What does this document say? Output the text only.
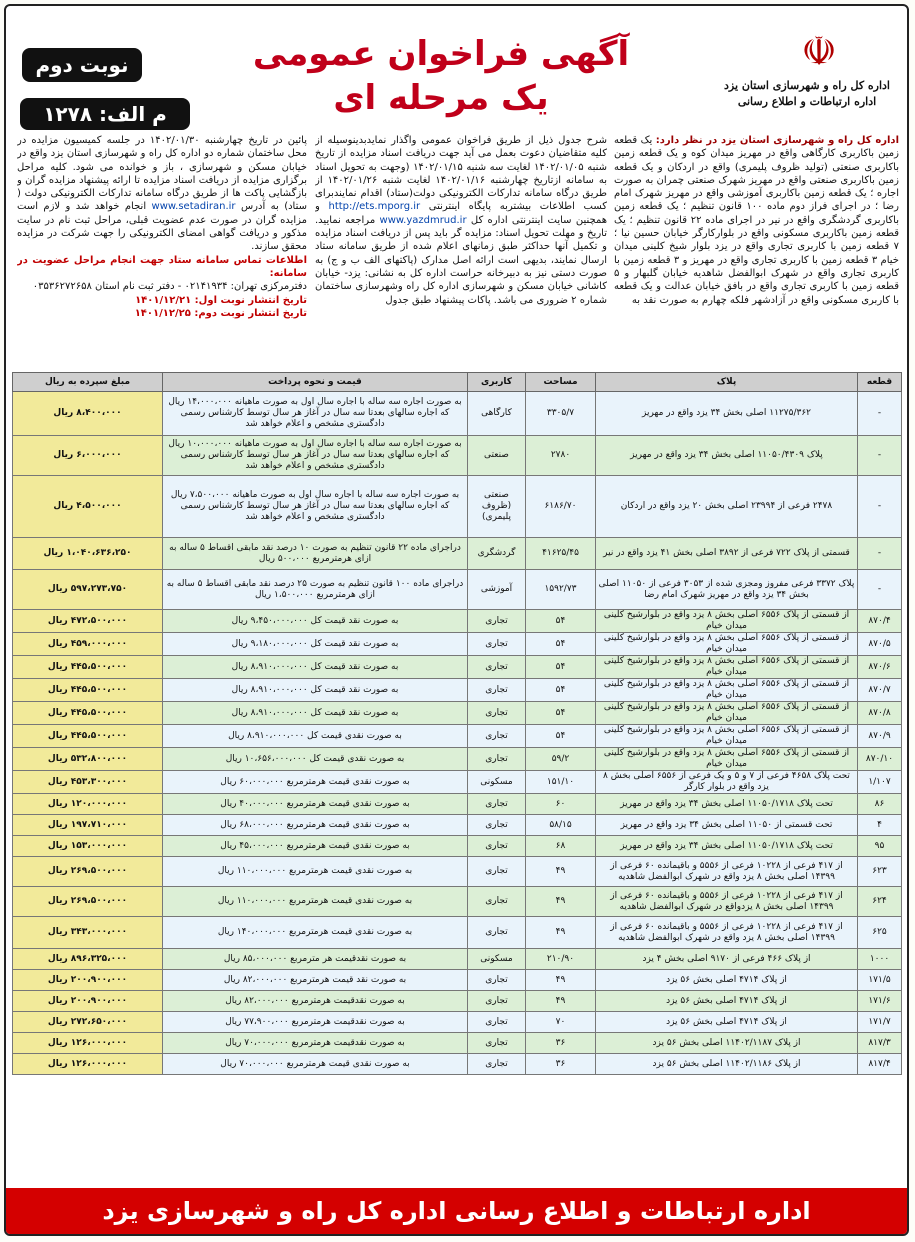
☫
اداره کل راه و شهرسازی استان یزد
اداره ارتباطات و اطلاع رسانی
آگهی فراخوان عمومی
یک مرحله ای
نوبت دوم
م الف: ۱۲۷۸
اداره کل راه و شهرسازی استان یزد در نظر دارد: یک قطعه زمین باکاربری کارگاهی واقع در مهریز میدان کوه و یک قطعه زمین باکاربری صنعتی (تولید ظروف پلیمری) واقع در اردکان و یک قطعه زمین باکاربری صنعتی واقع در مهریز شهرک صنعتی چمران به صورت اجاره ؛ یک قطعه زمین باکاربری آموزشی واقع در مهریز شهرک امام رضا ؛ در اجرای فراز دوم ماده ۱۰۰ قانون تنظیم ؛ یک قطعه زمین باکاربری گردشگری واقع در نیر در اجرای ماده ۲۲ قانون تنظیم ؛ یک قطعه زمین باکاربری مسکونی واقع در بلوارکارگر خیابان حسین نیا ؛ ۷ قطعه زمین با کاربری تجاری واقع در یزد بلوار شیخ کلینی میدان خیام ۳ قطعه زمین با کاربری تجاری واقع در مهریز و ۳ قطعه زمین با کاربری تجاری واقع در شهرک ابوالفضل شاهدیه خیابان گلبهار و ۵ قطعه زمین با کاربری تجاری واقع در بافق خیابان عدالت و یک قطعه با کاربری مسکونی واقع در آزادشهر فلکه چهارم به صورت نقد به
شرح جدول ذیل از طریق فراخوان عمومی واگذار نمایدبدینوسیله از کلیه متقاضیان دعوت بعمل می آید جهت دریافت اسناد مزایده از تاریخ شنبه ۱۴۰۲/۰۱/۰۵ لغایت سه شنبه ۱۴۰۲/۰۱/۱۵ (وجهت به تحویل اسناد به سامانه ازتاریخ چهارشنبه ۱۴۰۲/۰۱/۱۶ لغایت شنبه ۱۴۰۲/۰۱/۲۶ از طریق درگاه سامانه تدارکات الکترونیکی دولت(ستاد) اقدام نمایندبرای کسب اطلاعات بیشتربه پایگاه اینترنتی http://ets.mporg.ir و همچنین سایت اینترنتی اداره کل www.yazdmrud.ir مراجعه نمایید. تاریخ و مهلت تحویل اسناد: مزایده گر باید پس از دریافت اسناد مزایده و تکمیل آنها حداکثر طبق زمانهای اعلام شده از طریق سامانه ستاد ارسال نمایند، بدیهی است ارائه اصل مدارک (پاکتهای الف ب و ج) به صورت دستی نیز به دبیرخانه حراست اداره کل به نشانی: یزد- خیابان کاشانی خیابان مسکن و شهرسازی اداره کل راه وشهرسازی ساختمان شماره ۲ ضروری می باشد. پاکات پیشنهاد طبق جدول
پائین در تاریخ چهارشنبه ۱۴۰۲/۰۱/۳۰ در جلسه کمیسیون مزایده در محل ساختمان شماره دو اداره کل راه و شهرسازی استان یزد واقع در خیابان مسکن و شهرسازی ، باز و خوانده می شود. کلیه مراحل برگزاری مزایده از دریافت اسناد مزایده تا ارائه پیشنهاد مزایده گران و بازگشایی پاکت ها از طریق درگاه سامانه تدارکات الکترونیکی دولت ( ستاد) به آدرس www.setadiran.ir انجام خواهد شد و لازم است مزایده گران در صورت عدم عضویت قبلی، مراحل ثبت نام در سایت مذکور و دریافت گواهی امضای الکترونیکی را جهت شرکت در مزایده محقق سازند.
اطلاعات تماس سامانه ستاد جهت انجام مراحل عضویت در سامانه:
دفترمرکزی تهران: ۰۲۱۴۱۹۳۴ - دفتر ثبت نام استان ۰۳۵۳۶۲۷۲۶۵۸
تاریخ انتشار نوبت اول: ۱۴۰۱/۱۲/۲۱
تاریخ انتشار نوبت دوم: ۱۴۰۱/۱۲/۲۵
قطعه	پلاک	مساحت	کاربری	قیمت و نحوه پرداخت	مبلغ سپرده به ریال
-	۱۱۲۷۵/۳۶۲ اصلی بخش ۳۴ یزد واقع در مهریز	۳۳۰۵/۷	کارگاهی	به صورت اجاره سه ساله با اجاره سال اول به صورت ماهیانه ۱۴،۰۰۰،۰۰۰ ریال که اجاره سالهای بعدتا سه سال در آغاز هر سال توسط کارشناس رسمی دادگستری مشخص و اعلام خواهد شد	۸،۴۰۰،۰۰۰ ریال
-	پلاک ۱۱۰۵۰/۴۳۰۹ اصلی بخش ۳۴ یزد واقع در مهریز	۲۷۸۰	صنعتی	به صورت اجاره سه ساله با اجاره سال اول به صورت ماهیانه ۱۰،۰۰۰،۰۰۰ ریال که اجاره سالهای بعدتا سه سال در آغاز هر سال توسط کارشناس رسمی دادگستری مشخص و اعلام خواهد شد	۶،۰۰۰،۰۰۰ ریال
-	۲۴۷۸ فرعی از ۲۳۹۹۴ اصلی بخش ۲۰ یزد واقع در اردکان	۶۱۸۶/۷۰	صنعتی (ظروف پلیمری)	به صورت اجاره سه ساله با اجاره سال اول به صورت ماهیانه ۷،۵۰۰،۰۰۰ ریال که اجاره سالهای بعدتا سه سال در آغاز هر سال توسط کارشناس رسمی دادگستری مشخص و اعلام خواهد شد	۴،۵۰۰،۰۰۰ ریال
-	قسمتی از پلاک ۷۲۲ فرعی از ۳۸۹۲ اصلی بخش ۴۱ یزد واقع در نیر	۴۱۶۲۵/۴۵	گردشگری	دراجرای ماده ۲۲ قانون تنظیم به صورت ۱۰ درصد نقد مابقی اقساط ۵ ساله به ازای هرمترمربع ۵۰۰،۰۰۰ ریال	۱،۰۴۰،۶۳۶،۲۵۰ ریال
-	پلاک ۳۳۷۲ فرعی مفروز ومجزی شده از ۳۰۵۳ فرعی از ۱۱۰۵۰ اصلی بخش ۳۴ یزد واقع در مهریز شهرک امام رضا	۱۵۹۲/۷۳	آموزشی	دراجرای ماده ۱۰۰ قانون تنظیم به صورت ۲۵ درصد نقد مابقی اقساط ۵ ساله به ازای هرمترمربع ۱،۵۰۰،۰۰۰ ریال	۵۹۷،۲۷۳،۷۵۰ ریال
۸۷۰/۴	از قسمتی از پلاک ۶۵۵۶ اصلی بخش ۸ یزد واقع در بلوارشیخ کلینی میدان خیام	۵۴	تجاری	به صورت نقد قیمت کل ۹،۴۵۰،۰۰۰،۰۰۰ ریال	۴۷۲،۵۰۰،۰۰۰ ریال
۸۷۰/۵	از قسمتی از پلاک ۶۵۵۶ اصلی بخش ۸ یزد واقع در بلوارشیخ کلینی میدان خیام	۵۴	تجاری	به صورت نقد قیمت کل ۹،۱۸۰،۰۰۰،۰۰۰ ریال	۴۵۹،۰۰۰،۰۰۰ ریال
۸۷۰/۶	از قسمتی از پلاک ۶۵۵۶ اصلی بخش ۸ یزد واقع در بلوارشیخ کلینی میدان خیام	۵۴	تجاری	به صورت نقد قیمت کل ۸،۹۱۰،۰۰۰،۰۰۰ ریال	۴۴۵،۵۰۰،۰۰۰ ریال
۸۷۰/۷	از قسمتی از پلاک ۶۵۵۶ اصلی بخش ۸ یزد واقع در بلوارشیخ کلینی میدان خیام	۵۴	تجاری	به صورت نقد قیمت کل ۸،۹۱۰،۰۰۰،۰۰۰ ریال	۴۴۵،۵۰۰،۰۰۰ ریال
۸۷۰/۸	از قسمتی از پلاک ۶۵۵۶ اصلی بخش ۸ یزد واقع در بلوارشیخ کلینی میدان خیام	۵۴	تجاری	به صورت نقد قیمت کل ۸،۹۱۰،۰۰۰،۰۰۰ ریال	۴۴۵،۵۰۰،۰۰۰ ریال
۸۷۰/۹	از قسمتی از پلاک ۶۵۵۶ اصلی بخش ۸ یزد واقع در بلوارشیخ کلینی میدان خیام	۵۴	تجاری	به صورت نقدی قیمت کل ۸،۹۱۰،۰۰۰،۰۰۰ ریال	۴۴۵،۵۰۰،۰۰۰ ریال
۸۷۰/۱۰	از قسمتی از پلاک ۶۵۵۶ اصلی بخش ۸ یزد واقع در بلوارشیخ کلینی میدان خیام	۵۹/۲	تجاری	به صورت نقدی قیمت کل ۱۰،۶۵۶،۰۰۰،۰۰۰ ریال	۵۳۲،۸۰۰،۰۰۰ ریال
۱/۱۰۷	تحت پلاک ۴۶۵۸ فرعی از ۷ و ۵ و یک فرعی از ۶۵۵۶ اصلی بخش ۸ یزد واقع در بلوار کارگر	۱۵۱/۱۰	مسکونی	به صورت نقدی قیمت هرمترمربع ۶۰،۰۰۰،۰۰۰ ریال	۴۵۳،۳۰۰،۰۰۰ ریال
۸۶	تحت پلاک ۱۱۰۵۰/۱۷۱۸ اصلی بخش ۳۴ یزد واقع در مهریز	۶۰	تجاری	به صورت نقدی قیمت هرمترمربع ۴۰،۰۰۰،۰۰۰ ریال	۱۲۰،۰۰۰،۰۰۰ ریال
۴	تحت قسمتی از ۱۱۰۵۰ اصلی بخش ۳۴ یزد واقع در مهریز	۵۸/۱۵	تجاری	به صورت نقدی قیمت هرمترمربع ۶۸،۰۰۰،۰۰۰ ریال	۱۹۷،۷۱۰،۰۰۰ ریال
۹۵	تحت پلاک ۱۱۰۵۰/۱۷۱۸ اصلی بخش ۳۴ یزد واقع در مهریز	۶۸	تجاری	به صورت نقدی قیمت هرمترمربع ۴۵،۰۰۰،۰۰۰ ریال	۱۵۳،۰۰۰،۰۰۰ ریال
۶۲۳	از ۴۱۷ فرعی از ۱۰۲۲۸ فرعی از ۵۵۵۶ و باقیمانده ۶۰ فرعی از ۱۴۳۹۹ اصلی بخش ۸ یزد واقع در شهرک ابوالفضل شاهدیه	۴۹	تجاری	به صورت نقدی قیمت هرمترمربع ۱۱۰،۰۰۰،۰۰۰ ریال	۲۶۹،۵۰۰،۰۰۰ ریال
۶۲۴	از ۴۱۷ فرعی از ۱۰۲۲۸ فرعی از ۵۵۵۶ و باقیمانده ۶۰ فرعی از ۱۴۳۹۹ اصلی بخش ۸ یزدواقع در شهرک ابوالفضل شاهدیه	۴۹	تجاری	به صورت نقدی قیمت هرمترمربع ۱۱۰،۰۰۰،۰۰۰ ریال	۲۶۹،۵۰۰،۰۰۰ ریال
۶۲۵	از ۴۱۷ فرعی از ۱۰۲۲۸ فرعی از ۵۵۵۶ و باقیمانده ۶۰ فرعی از ۱۴۳۹۹ اصلی بخش ۸ یزد واقع در شهرک ابوالفضل شاهدیه	۴۹	تجاری	به صورت نقدی قیمت هرمترمربع ۱۴۰،۰۰۰،۰۰۰ ریال	۳۴۳،۰۰۰،۰۰۰ ریال
۱۰۰۰	از پلاک ۴۶۶ فرعی از ۹۱۷۰ اصلی بخش ۴ یزد	۲۱۰/۹۰	مسکونی	به صورت نقدقیمت هر مترمربع ۸۵،۰۰۰،۰۰۰ ریال	۸۹۶،۳۲۵،۰۰۰ ریال
۱۷۱/۵	از پلاک ۴۷۱۴ اصلی بخش ۵۶ یزد	۴۹	تجاری	به صورت نقد قیمت هرمترمربع ۸۲،۰۰۰،۰۰۰ ریال	۲۰۰،۹۰۰،۰۰۰ ریال
۱۷۱/۶	از پلاک ۴۷۱۴ اصلی بخش ۵۶ یزد	۴۹	تجاری	به صورت نقدقیمت هرمترمربع ۸۲،۰۰۰،۰۰۰ ریال	۲۰۰،۹۰۰،۰۰۰ ریال
۱۷۱/۷	از پلاک ۴۷۱۴ اصلی بخش ۵۶ یزد	۷۰	تجاری	به صورت نقدقیمت هرمترمربع ۷۷،۹۰۰،۰۰۰ ریال	۲۷۲،۶۵۰،۰۰۰ ریال
۸۱۷/۳	از پلاک ۱۱۴۰۲/۱۱۸۷ اصلی بخش ۵۶ یزد	۳۶	تجاری	به صورت نقدقیمت هرمترمربع ۷۰،۰۰۰،۰۰۰ ریال	۱۲۶،۰۰۰،۰۰۰ ریال
۸۱۷/۴	از پلاک ۱۱۴۰۲/۱۱۸۶ اصلی بخش ۵۶ یزد	۳۶	تجاری	به صورت نقدی قیمت هرمترمربع ۷۰،۰۰۰،۰۰۰ ریال	۱۲۶،۰۰۰،۰۰۰ ریال
اداره ارتباطات و اطلاع رسانی اداره کل راه و شهرسازی یزد
